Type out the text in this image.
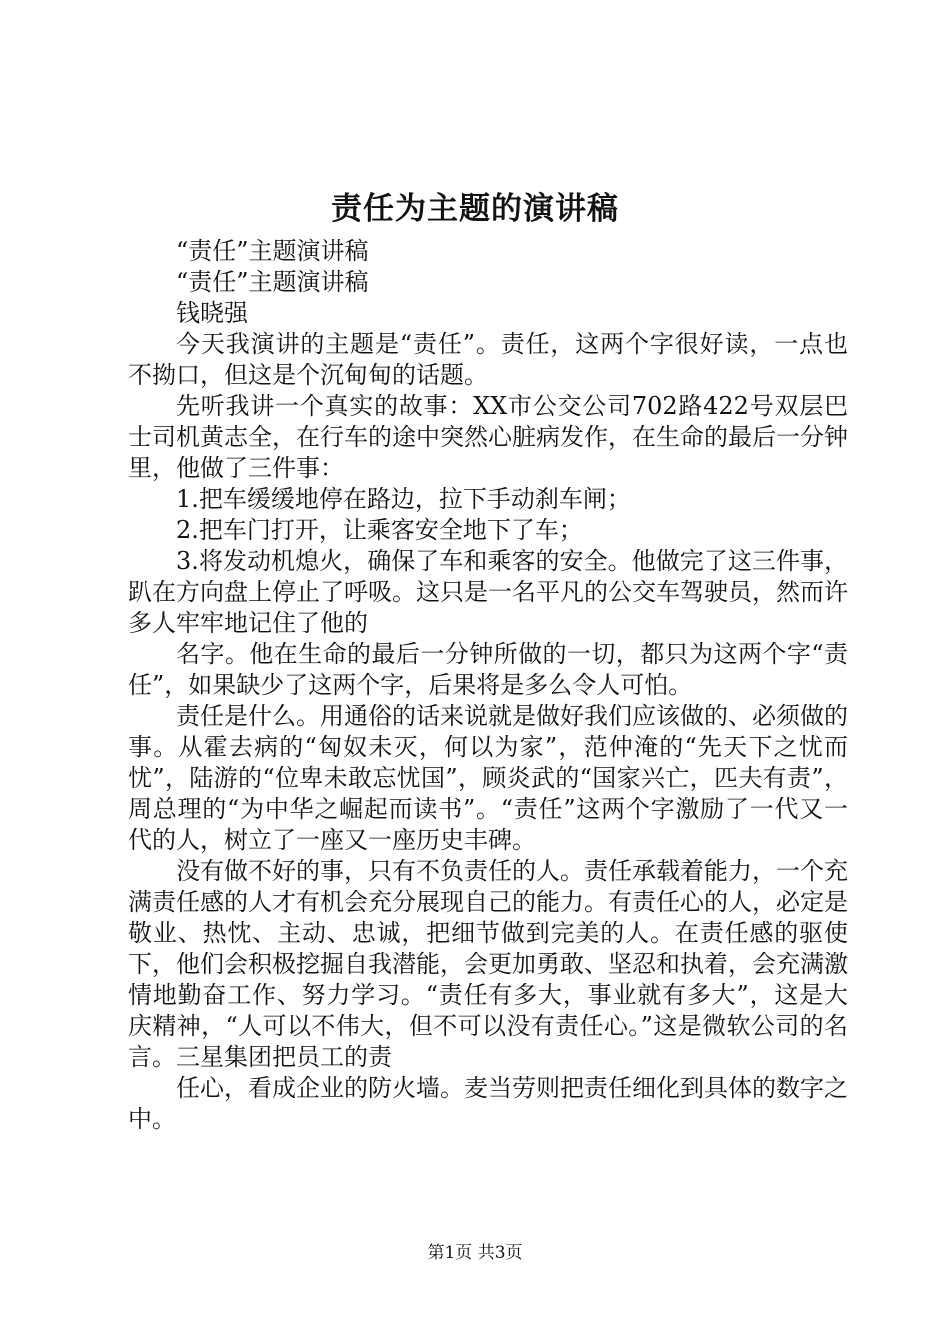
责任为主题的演讲稿

“责任”主题演讲稿

“责任”主题演讲稿

钱晓强

今天我演讲的主题是“责任”。责任，这两个字很好读，一点也不拗口，但这是个沉甸甸的话题。

先听我讲一个真实的故事：XX市公交公司702路422号双层巴士司机黄志全，在行车的途中突然心脏病发作，在生命的最后一分钟里，他做了三件事：

1.把车缓缓地停在路边，拉下手动刹车闸；

2.把车门打开，让乘客安全地下了车；

3.将发动机熄火，确保了车和乘客的安全。他做完了这三件事，趴在方向盘上停止了呼吸。这只是一名平凡的公交车驾驶员，然而许多人牢牢地记住了他的

名字。他在生命的最后一分钟所做的一切，都只为这两个字“责任”，如果缺少了这两个字，后果将是多么令人可怕。

责任是什么。用通俗的话来说就是做好我们应该做的、必须做的事。从霍去病的“匈奴未灭，何以为家”，范仲淹的“先天下之忧而忧”，陆游的“位卑未敢忘忧国”，顾炎武的“国家兴亡，匹夫有责”，周总理的“为中华之崛起而读书”。“责任”这两个字激励了一代又一代的人，树立了一座又一座历史丰碑。

没有做不好的事，只有不负责任的人。责任承载着能力，一个充满责任感的人才有机会充分展现自己的能力。有责任心的人，必定是敬业、热忱、主动、忠诚，把细节做到完美的人。在责任感的驱使下，他们会积极挖掘自我潜能，会更加勇敢、坚忍和执着，会充满激情地勤奋工作、努力学习。“责任有多大，事业就有多大”，这是大庆精神，“人可以不伟大，但不可以没有责任心。”这是微软公司的名言。三星集团把员工的责

任心，看成企业的防火墙。麦当劳则把责任细化到具体的数字之中。

第1页 共3页
